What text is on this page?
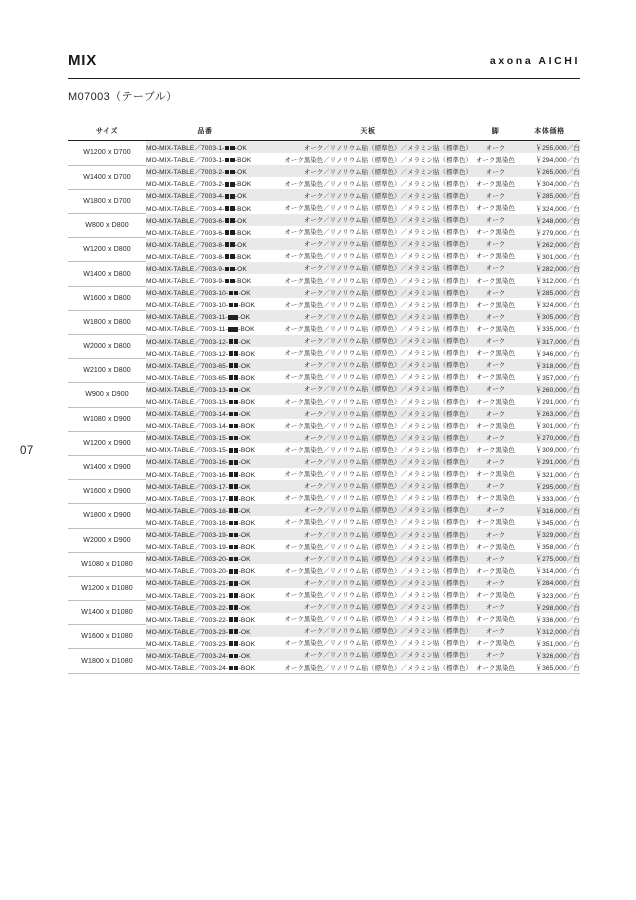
07
MIX	axona AICHI
M07003（テーブル）
サイズ	品番	天板	脚	本体価格
W1200 x D700	MO-MIX-TABLE／7003-1- -OK	オーク／リノリウム貼（標準色）／メラミン貼（標準色）	オーク	￥255,000／台
	MO-MIX-TABLE／7003-1- -BOK	オーク黒染色／リノリウム貼（標準色）／メラミン貼（標準色）	オーク黒染色	￥294,000／台
W1400 x D700	MO-MIX-TABLE／7003-2- -OK	オーク／リノリウム貼（標準色）／メラミン貼（標準色）	オーク	￥265,000／台
	MO-MIX-TABLE／7003-2- -BOK	オーク黒染色／リノリウム貼（標準色）／メラミン貼（標準色）	オーク黒染色	￥304,000／台
W1800 x D700	MO-MIX-TABLE／7003-4- -OK	オーク／リノリウム貼（標準色）／メラミン貼（標準色）	オーク	￥285,000／台
	MO-MIX-TABLE／7003-4- -BOK	オーク黒染色／リノリウム貼（標準色）／メラミン貼（標準色）	オーク黒染色	￥324,000／台
W800 x D800	MO-MIX-TABLE／7003-6- -OK	オーク／リノリウム貼（標準色）／メラミン貼（標準色）	オーク	￥248,000／台
	MO-MIX-TABLE／7003-6- -BOK	オーク黒染色／リノリウム貼（標準色）／メラミン貼（標準色）	オーク黒染色	￥279,000／台
W1200 x D800	MO-MIX-TABLE／7003-8- -OK	オーク／リノリウム貼（標準色）／メラミン貼（標準色）	オーク	￥262,000／台
	MO-MIX-TABLE／7003-8- -BOK	オーク黒染色／リノリウム貼（標準色）／メラミン貼（標準色）	オーク黒染色	￥301,000／台
W1400 x D800	MO-MIX-TABLE／7003-9- -OK	オーク／リノリウム貼（標準色）／メラミン貼（標準色）	オーク	￥282,000／台
	MO-MIX-TABLE／7003-9- -BOK	オーク黒染色／リノリウム貼（標準色）／メラミン貼（標準色）	オーク黒染色	￥312,000／台
W1600 x D800	MO-MIX-TABLE／7003-10- -OK	オーク／リノリウム貼（標準色）／メラミン貼（標準色）	オーク	￥285,000／台
	MO-MIX-TABLE／7003-10- -BOK	オーク黒染色／リノリウム貼（標準色）／メラミン貼（標準色）	オーク黒染色	￥324,000／台
W1800 x D800	MO-MIX-TABLE／7003-11- -OK	オーク／リノリウム貼（標準色）／メラミン貼（標準色）	オーク	￥305,000／台
	MO-MIX-TABLE／7003-11- -BOK	オーク黒染色／リノリウム貼（標準色）／メラミン貼（標準色）	オーク黒染色	￥335,000／台
W2000 x D800	MO-MIX-TABLE／7003-12- -OK	オーク／リノリウム貼（標準色）／メラミン貼（標準色）	オーク	￥317,000／台
	MO-MIX-TABLE／7003-12- -BOK	オーク黒染色／リノリウム貼（標準色）／メラミン貼（標準色）	オーク黒染色	￥346,000／台
W2100 x D800	MO-MIX-TABLE／7003-65- -OK	オーク／リノリウム貼（標準色）／メラミン貼（標準色）	オーク	￥318,000／台
	MO-MIX-TABLE／7003-65- -BOK	オーク黒染色／リノリウム貼（標準色）／メラミン貼（標準色）	オーク黒染色	￥357,000／台
W900 x D900	MO-MIX-TABLE／7003-13- -OK	オーク／リノリウム貼（標準色）／メラミン貼（標準色）	オーク	￥260,000／台
	MO-MIX-TABLE／7003-13- -BOK	オーク黒染色／リノリウム貼（標準色）／メラミン貼（標準色）	オーク黒染色	￥291,000／台
W1080 x D900	MO-MIX-TABLE／7003-14- -OK	オーク／リノリウム貼（標準色）／メラミン貼（標準色）	オーク	￥263,000／台
	MO-MIX-TABLE／7003-14- -BOK	オーク黒染色／リノリウム貼（標準色）／メラミン貼（標準色）	オーク黒染色	￥301,000／台
W1200 x D900	MO-MIX-TABLE／7003-15- -OK	オーク／リノリウム貼（標準色）／メラミン貼（標準色）	オーク	￥270,000／台
	MO-MIX-TABLE／7003-15- -BOK	オーク黒染色／リノリウム貼（標準色）／メラミン貼（標準色）	オーク黒染色	￥309,000／台
W1400 x D900	MO-MIX-TABLE／7003-16- -OK	オーク／リノリウム貼（標準色）／メラミン貼（標準色）	オーク	￥291,000／台
	MO-MIX-TABLE／7003-16- -BOK	オーク黒染色／リノリウム貼（標準色）／メラミン貼（標準色）	オーク黒染色	￥321,000／台
W1600 x D900	MO-MIX-TABLE／7003-17- -OK	オーク／リノリウム貼（標準色）／メラミン貼（標準色）	オーク	￥295,000／台
	MO-MIX-TABLE／7003-17- -BOK	オーク黒染色／リノリウム貼（標準色）／メラミン貼（標準色）	オーク黒染色	￥333,000／台
W1800 x D900	MO-MIX-TABLE／7003-18- -OK	オーク／リノリウム貼（標準色）／メラミン貼（標準色）	オーク	￥316,000／台
	MO-MIX-TABLE／7003-18- -BOK	オーク黒染色／リノリウム貼（標準色）／メラミン貼（標準色）	オーク黒染色	￥345,000／台
W2000 x D900	MO-MIX-TABLE／7003-19- -OK	オーク／リノリウム貼（標準色）／メラミン貼（標準色）	オーク	￥329,000／台
	MO-MIX-TABLE／7003-19- -BOK	オーク黒染色／リノリウム貼（標準色）／メラミン貼（標準色）	オーク黒染色	￥358,000／台
W1080 x D1080	MO-MIX-TABLE／7003-20- -OK	オーク／リノリウム貼（標準色）／メラミン貼（標準色）	オーク	￥275,000／台
	MO-MIX-TABLE／7003-20- -BOK	オーク黒染色／リノリウム貼（標準色）／メラミン貼（標準色）	オーク黒染色	￥314,000／台
W1200 x D1080	MO-MIX-TABLE／7003-21- -OK	オーク／リノリウム貼（標準色）／メラミン貼（標準色）	オーク	￥284,000／台
	MO-MIX-TABLE／7003-21- -BOK	オーク黒染色／リノリウム貼（標準色）／メラミン貼（標準色）	オーク黒染色	￥323,000／台
W1400 x D1080	MO-MIX-TABLE／7003-22- -OK	オーク／リノリウム貼（標準色）／メラミン貼（標準色）	オーク	￥298,000／台
	MO-MIX-TABLE／7003-22- -BOK	オーク黒染色／リノリウム貼（標準色）／メラミン貼（標準色）	オーク黒染色	￥336,000／台
W1600 x D1080	MO-MIX-TABLE／7003-23- -OK	オーク／リノリウム貼（標準色）／メラミン貼（標準色）	オーク	￥312,000／台
	MO-MIX-TABLE／7003-23- -BOK	オーク黒染色／リノリウム貼（標準色）／メラミン貼（標準色）	オーク黒染色	￥351,000／台
W1800 x D1080	MO-MIX-TABLE／7003-24- -OK	オーク／リノリウム貼（標準色）／メラミン貼（標準色）	オーク	￥326,000／台
	MO-MIX-TABLE／7003-24- -BOK	オーク黒染色／リノリウム貼（標準色）／メラミン貼（標準色）	オーク黒染色	￥365,000／台
